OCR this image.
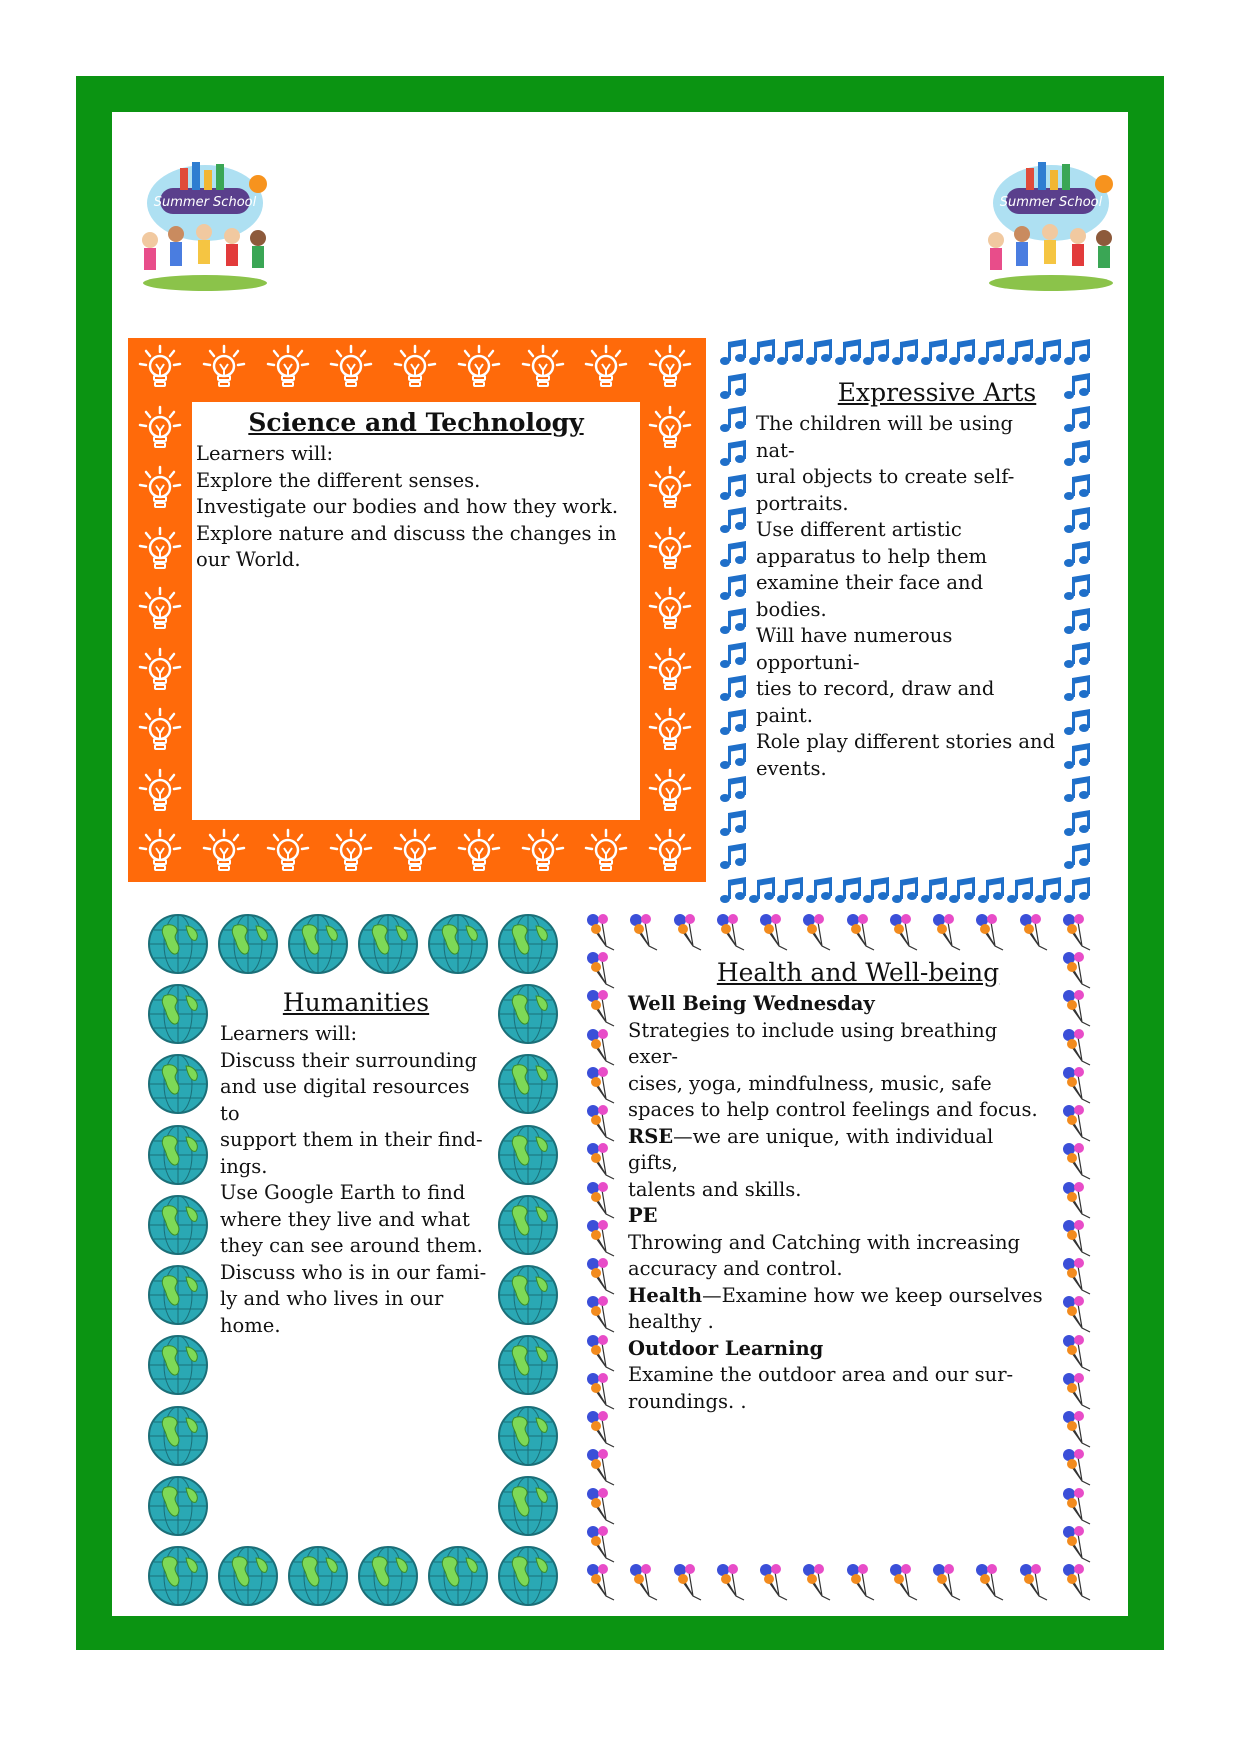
Summer School	Summer School
Science and Technology
Learners will:
Explore the different senses.
Investigate our bodies and how they work.
Explore nature and discuss the changes in
our World.
Expressive Arts
The children will be using nat-
ural objects to create self-
portraits.
Use different artistic
apparatus to help them
examine their face and bodies.
Will have numerous opportuni-
ties to record, draw and paint.
Role play different stories and
events.
Humanities
Learners will:
Discuss their surrounding
and use digital resources to
support them in their find-
ings.
Use Google Earth to find
where they live and what
they can see around them.
Discuss who is in our fami-
ly and who lives in our
home.
Health and Well-being
Well Being Wednesday
Strategies to include using breathing exer-
cises, yoga, mindfulness, music, safe
spaces to help control feelings and focus.
RSE—we are unique, with individual gifts,
talents and skills.
PE
Throwing and Catching with increasing
accuracy and control.
Health—Examine how we keep ourselves
healthy .
Outdoor Learning
Examine the outdoor area and our sur-
roundings. .
